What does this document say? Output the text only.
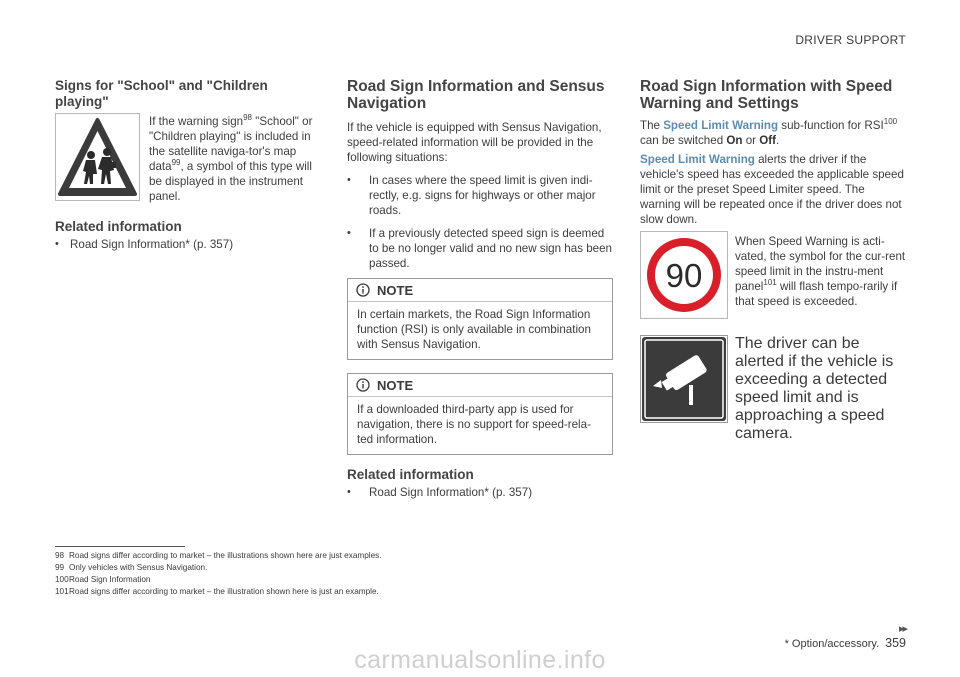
DRIVER SUPPORT
Signs for "School" and "Children playing"

If the warning sign$^{98}$ "School" or "Children playing" is included in the satellite naviga-tor's map data$^{99}$, a symbol of this type will be displayed in the instrument panel.

Related information
• Road Sign Information* (p. 357)
Road Sign Information and Sensus Navigation

If the vehicle is equipped with Sensus Navigation, speed-related information will be provided in the following situations:

• In cases where the speed limit is given indi-rectly, e.g. signs for highways or other major roads.
• If a previously detected speed sign is deemed to be no longer valid and no new sign has been passed.
NOTE
In certain markets, the Road Sign Information function (RSI) is only available in combination with Sensus Navigation.
NOTE
If a downloaded third-party app is used for navigation, there is no support for speed-rela-ted information.
Related information
• Road Sign Information* (p. 357)
Road Sign Information with Speed Warning and Settings

The Speed Limit Warning sub-function for RSI$^{100}$ can be switched On or Off.

Speed Limit Warning alerts the driver if the vehicle's speed has exceeded the applicable speed limit or the preset Speed Limiter speed. The warning will be repeated once if the driver does not slow down.

90

When Speed Warning is acti-vated, the symbol for the cur-rent speed limit in the instru-ment panel$^{101}$ will flash tempo-rarily if that speed is exceeded.

The driver can be alerted if the vehicle is exceeding a detected speed limit and is approaching a speed camera.
98 Road signs differ according to market – the illustrations shown here are just examples.
99 Only vehicles with Sensus Navigation.
100Road Sign Information
101Road signs differ according to market – the illustration shown here is just an example.
▸▸
* Option/accessory. 359
carmanualsonline.info
